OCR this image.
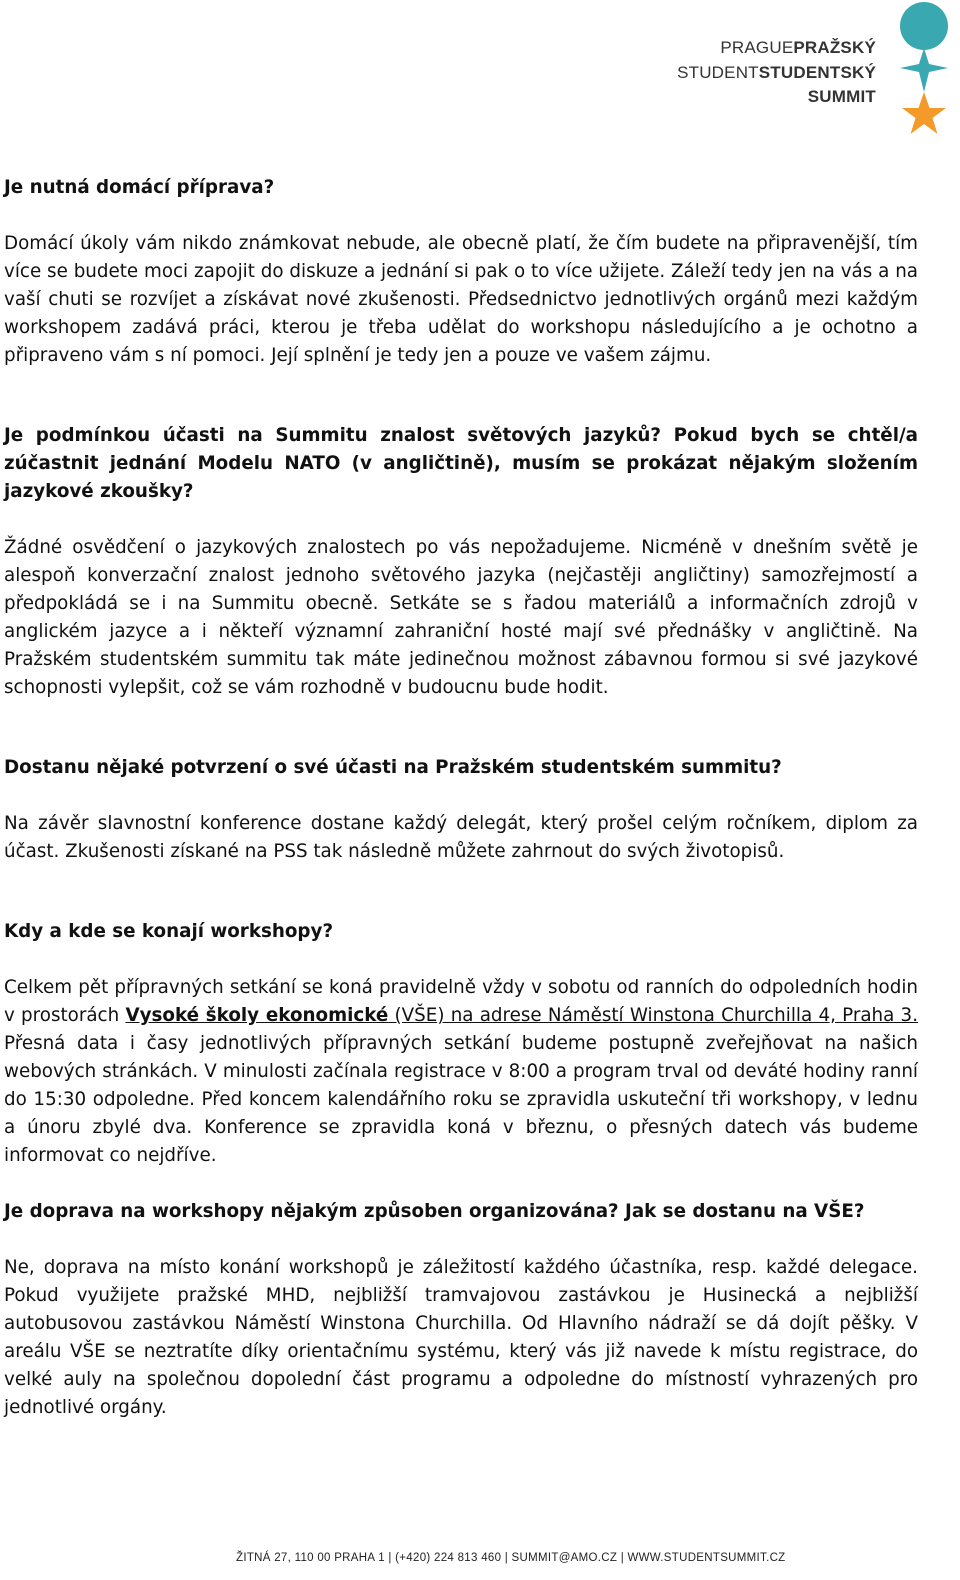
PRAGUEPRAŽSKÝ
STUDENTSTUDENTSKÝ
SUMMIT
Je nutná domácí příprava?

Domácí úkoly vám nikdo známkovat nebude, ale obecně platí, že čím budete na připravenější, tím více se budete moci zapojit do diskuze a jednání si pak o to více užijete. Záleží tedy jen na vás a na vaší chuti se rozvíjet a získávat nové zkušenosti. Předsednictvo jednotlivých orgánů mezi každým workshopem zadává práci, kterou je třeba udělat do workshopu následujícího a je ochotno a připraveno vám s ní pomoci. Její splnění je tedy jen a pouze ve vašem zájmu.

Je podmínkou účasti na Summitu znalost světových jazyků? Pokud bych se chtěl/a zúčastnit jednání Modelu NATO (v angličtině), musím se prokázat nějakým složením jazykové zkoušky?

Žádné osvědčení o jazykových znalostech po vás nepožadujeme. Nicméně v dnešním světě je alespoň konverzační znalost jednoho světového jazyka (nejčastěji angličtiny) samozřejmostí a předpokládá se i na Summitu obecně. Setkáte se s řadou materiálů a informačních zdrojů v anglickém jazyce a i někteří významní zahraniční hosté mají své přednášky v angličtině. Na Pražském studentském summitu tak máte jedinečnou možnost zábavnou formou si své jazykové schopnosti vylepšit, což se vám rozhodně v budoucnu bude hodit.

Dostanu nějaké potvrzení o své účasti na Pražském studentském summitu?

Na závěr slavnostní konference dostane každý delegát, který prošel celým ročníkem, diplom za účast. Zkušenosti získané na PSS tak následně můžete zahrnout do svých životopisů.

Kdy a kde se konají workshopy?

Celkem pět přípravných setkání se koná pravidelně vždy v sobotu od ranních do odpoledních hodin v prostorách Vysoké školy ekonomické (VŠE) na adrese Náměstí Winstona Churchilla 4, Praha 3. Přesná data i časy jednotlivých přípravných setkání budeme postupně zveřejňovat na našich webových stránkách. V minulosti začínala registrace v 8:00 a program trval od deváté hodiny ranní do 15:30 odpoledne. Před koncem kalendářního roku se zpravidla uskuteční tři workshopy, v lednu a únoru zbylé dva. Konference se zpravidla koná v březnu, o přesných datech vás budeme informovat co nejdříve.

Je doprava na workshopy nějakým způsoben organizována? Jak se dostanu na VŠE?

Ne, doprava na místo konání workshopů je záležitostí každého účastníka, resp. každé delegace. Pokud využijete pražské MHD, nejbližší tramvajovou zastávkou je Husinecká a nejbližší autobusovou zastávkou Náměstí Winstona Churchilla. Od Hlavního nádraží se dá dojít pěšky. V areálu VŠE se neztratíte díky orientačnímu systému, který vás již navede k místu registrace, do velké auly na společnou dopolední část programu a odpoledne do místností vyhrazených pro jednotlivé orgány.

ŽITNÁ 27, 110 00 PRAHA 1 | (+420) 224 813 460 | SUMMIT@AMO.CZ | WWW.STUDENTSUMMIT.CZ
